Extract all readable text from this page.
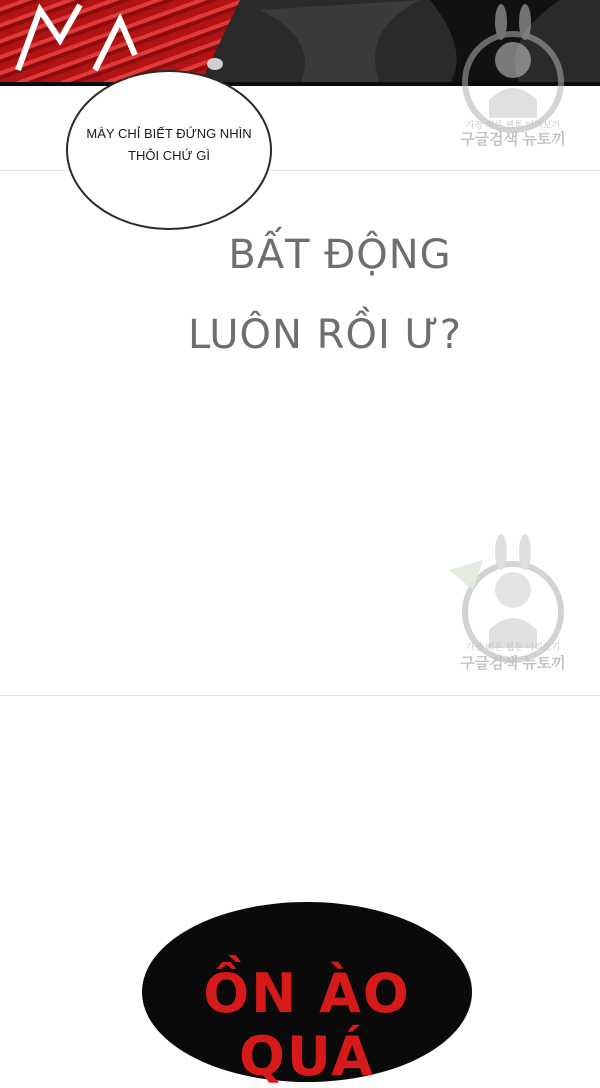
MÀY CHỈ BIẾT ĐỨNG NHÌN
THÔI CHỨ GÌ
BẤT ĐỘNG
LUÔN RỒI Ư?
가장 빠른 웹툰 미리보기
구글검색 뉴토끼
가장 빠른 웹툰 미리보기
구글검색 뉴토끼
ỒN ÀO QUÁ
